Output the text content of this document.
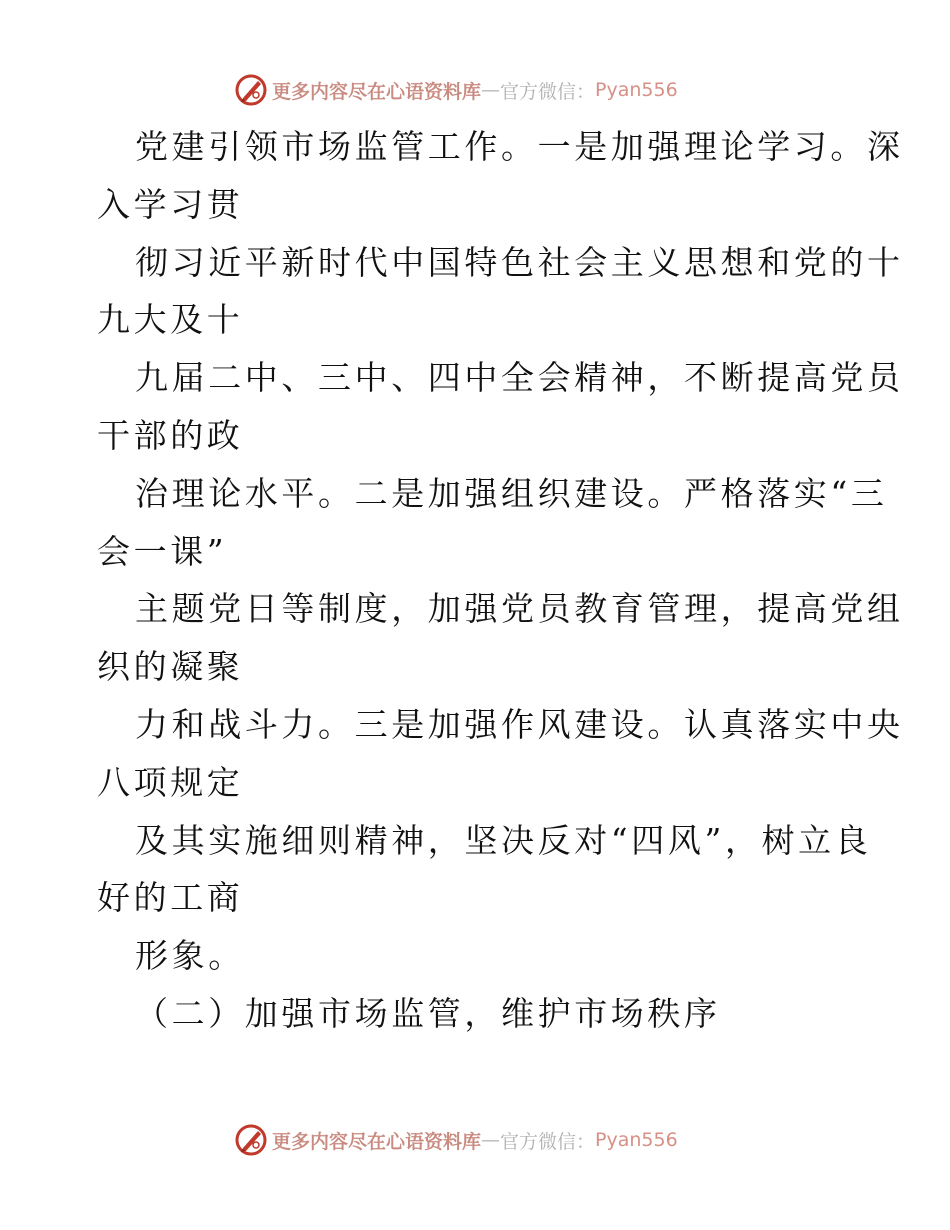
更多内容尽在心语资料库 — 官方微信： Pyan556
党建引领市场监管工作。一是加强理论学习。深
入学习贯
彻习近平新时代中国特色社会主义思想和党的十
九大及十
九届二中、三中、四中全会精神，不断提高党员
干部的政
治理论水平。二是加强组织建设。严格落实“三
会一课”
主题党日等制度，加强党员教育管理，提高党组
织的凝聚
力和战斗力。三是加强作风建设。认真落实中央
八项规定
及其实施细则精神，坚决反对“四风”，树立良
好的工商
形象。
（二）加强市场监管，维护市场秩序
更多内容尽在心语资料库 — 官方微信： Pyan556
